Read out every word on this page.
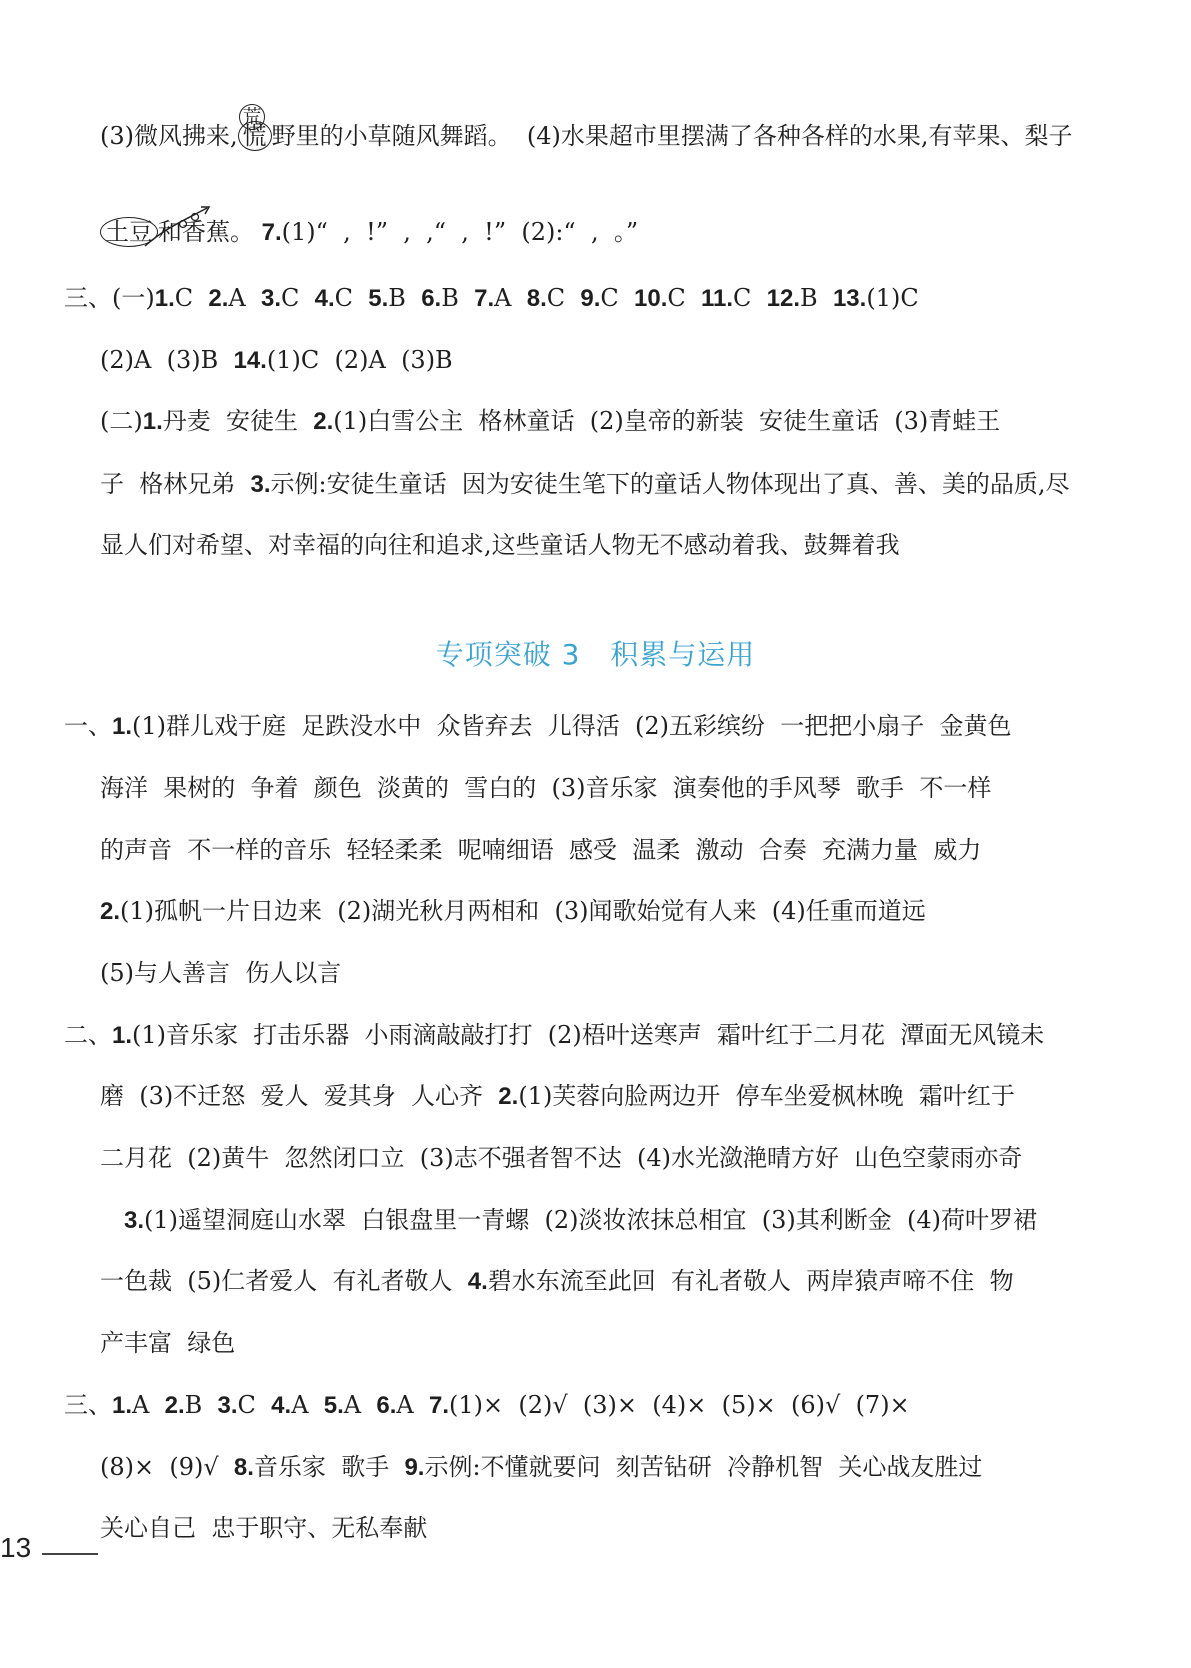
(3)微风拂来, 慌 野里的小草随风舞蹈。  (4)水果超市里摆满了各种各样的水果,有苹果、梨子
土豆 和香蕉。 7.(1)“  ,  !”  ,  ,“  ,  !”  (2):“  ,  。”
三、(一)1.C  2.A  3.C  4.C  5.B  6.B  7.A  8.C  9.C  10.C  11.C  12.B  13.(1)C
(2)A  (3)B  14.(1)C  (2)A  (3)B
(二)1.丹麦  安徒生  2.(1)白雪公主  格林童话  (2)皇帝的新装  安徒生童话  (3)青蛙王
子  格林兄弟  3.示例:安徒生童话  因为安徒生笔下的童话人物体现出了真、善、美的品质,尽
显人们对希望、对幸福的向往和追求,这些童话人物无不感动着我、鼓舞着我
一、1.(1)群儿戏于庭  足跌没水中  众皆弃去  儿得活  (2)五彩缤纷  一把把小扇子  金黄色
海洋  果树的  争着  颜色  淡黄的  雪白的  (3)音乐家  演奏他的手风琴  歌手  不一样
的声音  不一样的音乐  轻轻柔柔  呢喃细语  感受  温柔  激动  合奏  充满力量  威力
2.(1)孤帆一片日边来  (2)湖光秋月两相和  (3)闻歌始觉有人来  (4)任重而道远
(5)与人善言  伤人以言
二、1.(1)音乐家  打击乐器  小雨滴敲敲打打  (2)梧叶送寒声  霜叶红于二月花  潭面无风镜未
磨  (3)不迁怒  爱人  爱其身  人心齐  2.(1)芙蓉向脸两边开  停车坐爱枫林晚  霜叶红于
二月花  (2)黄牛  忽然闭口立  (3)志不强者智不达  (4)水光潋滟晴方好  山色空蒙雨亦奇
3.(1)遥望洞庭山水翠  白银盘里一青螺  (2)淡妆浓抹总相宜  (3)其利断金  (4)荷叶罗裙
一色裁  (5)仁者爱人  有礼者敬人  4.碧水东流至此回  有礼者敬人  两岸猿声啼不住  物
产丰富  绿色
三、1.A  2.B  3.C  4.A  5.A  6.A  7.(1)×  (2)√  (3)×  (4)×  (5)×  (6)√  (7)×
(8)×  (9)√  8.音乐家  歌手  9.示例:不懂就要问  刻苦钻研  冷静机智  关心战友胜过
关心自己  忠于职守、无私奉献
专项突破 3   积累与运用
荒
13
